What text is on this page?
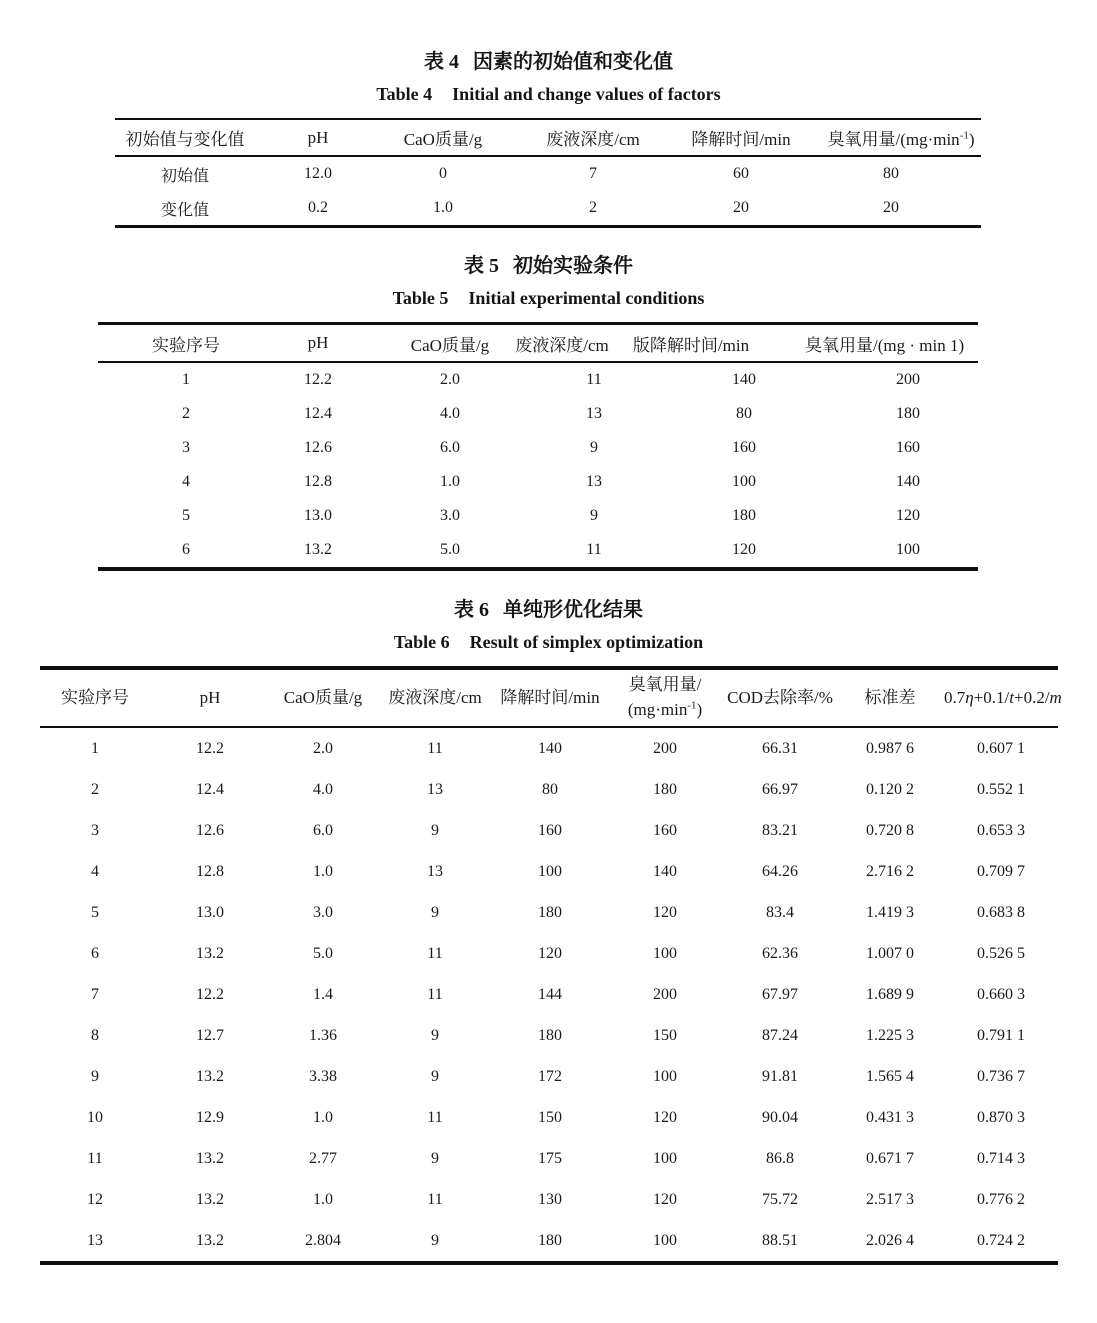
表 4 因素的初始值和变化值
Table 4 Initial and change values of factors
初始值与变化值	pH	CaO质量/g	废液深度/cm	降解时间/min	臭氧用量$/(mg\cdot\min^{-1})$
初始值	12.0	0	7	60	80
变化值	0.2	1.0	2	20	20
表 5 初始实验条件
Table 5 Initial experimental conditions
实验序号	pH	CaO质量/g	废液深度/cm	版降解时间/min	臭氧用量/(mg · min 1)
1	12.2	2.0	11	140	200
2	12.4	4.0	13	80	180
3	12.6	6.0	9	160	160
4	12.8	1.0	13	100	140
5	13.0	3.0	9	180	120
6	13.2	5.0	11	120	100
表 6 单纯形优化结果
Table 6 Result of simplex optimization
实验序号	pH	CaO质量/g	废液深度/cm	降解时间/min	臭氧用量/
$(mg\cdot\min^{-1})$	COD去除率/%	标准差	0.7η+0.1/t+0.2/m
1	12.2	2.0	11	140	200	66.31	0.987 6	0.607 1
2	12.4	4.0	13	80	180	66.97	0.120 2	0.552 1
3	12.6	6.0	9	160	160	83.21	0.720 8	0.653 3
4	12.8	1.0	13	100	140	64.26	2.716 2	0.709 7
5	13.0	3.0	9	180	120	83.4	1.419 3	0.683 8
6	13.2	5.0	11	120	100	62.36	1.007 0	0.526 5
7	12.2	1.4	11	144	200	67.97	1.689 9	0.660 3
8	12.7	1.36	9	180	150	87.24	1.225 3	0.791 1
9	13.2	3.38	9	172	100	91.81	1.565 4	0.736 7
10	12.9	1.0	11	150	120	90.04	0.431 3	0.870 3
11	13.2	2.77	9	175	100	86.8	0.671 7	0.714 3
12	13.2	1.0	11	130	120	75.72	2.517 3	0.776 2
13	13.2	2.804	9	180	100	88.51	2.026 4	0.724 2
